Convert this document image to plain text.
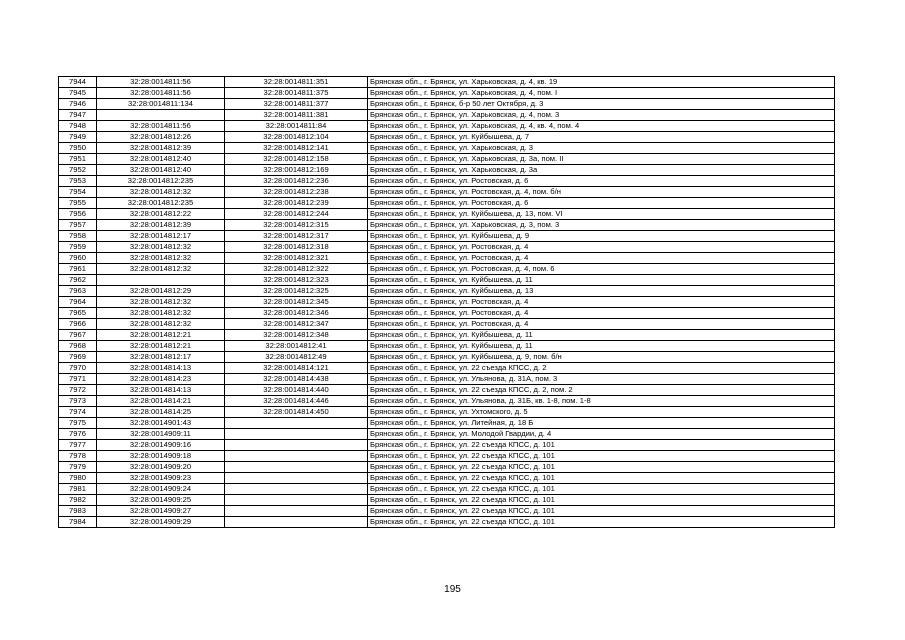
7944	32:28:0014811:56	32:28:0014811:351	Брянская обл., г. Брянск, ул. Харьковская, д. 4, кв. 19
7945	32:28:0014811:56	32:28:0014811:375	Брянская обл., г. Брянск, ул. Харьковская, д. 4, пом. I
7946	32:28:0014811:134	32:28:0014811:377	Брянская обл., г. Брянск, б-р 50 лет Октября, д. 3
7947		32:28:0014811:381	Брянская обл., г. Брянск, ул. Харьковская, д. 4, пом. 3
7948	32:28:0014811:56	32:28:0014811:84	Брянская обл., г. Брянск, ул. Харьковская, д. 4, кв. 4, пом. 4
7949	32:28:0014812:26	32:28:0014812:104	Брянская обл., г. Брянск, ул. Куйбышева, д. 7
7950	32:28:0014812:39	32:28:0014812:141	Брянская обл., г. Брянск, ул. Харьковская, д. 3
7951	32:28:0014812:40	32:28:0014812:158	Брянская обл., г. Брянск, ул. Харьковская, д. 3а, пом. II
7952	32:28:0014812:40	32:28:0014812:169	Брянская обл., г. Брянск, ул. Харьковская, д. 3а
7953	32:28:0014812:235	32:28:0014812:236	Брянская обл., г. Брянск, ул. Ростовская, д. 6
7954	32:28:0014812:32	32:28:0014812:238	Брянская обл., г. Брянск, ул. Ростовская, д. 4, пом. б/н
7955	32:28:0014812:235	32:28:0014812:239	Брянская обл., г. Брянск, ул. Ростовская, д. 6
7956	32:28:0014812:22	32:28:0014812:244	Брянская обл., г. Брянск, ул. Куйбышева, д. 13, пом. VI
7957	32:28:0014812:39	32:28:0014812:315	Брянская обл., г. Брянск, ул. Харьковская, д. 3, пом. 3
7958	32:28:0014812:17	32:28:0014812:317	Брянская обл., г. Брянск, ул. Куйбышева, д. 9
7959	32:28:0014812:32	32:28:0014812:318	Брянская обл., г. Брянск, ул. Ростовская, д. 4
7960	32:28:0014812:32	32:28:0014812:321	Брянская обл., г. Брянск, ул. Ростовская, д. 4
7961	32:28:0014812:32	32:28:0014812:322	Брянская обл., г. Брянск, ул. Ростовская, д. 4, пом. 6
7962		32:28:0014812:323	Брянская обл., г. Брянск, ул. Куйбышева, д. 11
7963	32:28:0014812:29	32:28:0014812:325	Брянская обл., г. Брянск, ул. Куйбышева, д. 13
7964	32:28:0014812:32	32:28:0014812:345	Брянская обл., г. Брянск, ул. Ростовская, д. 4
7965	32:28:0014812:32	32:28:0014812:346	Брянская обл., г. Брянск, ул. Ростовская, д. 4
7966	32:28:0014812:32	32:28:0014812:347	Брянская обл., г. Брянск, ул. Ростовская, д. 4
7967	32:28:0014812:21	32:28:0014812:348	Брянская обл., г. Брянск, ул. Куйбышева, д. 11
7968	32:28:0014812:21	32:28:0014812:41	Брянская обл., г. Брянск, ул. Куйбышева, д. 11
7969	32:28:0014812:17	32:28:0014812:49	Брянская обл., г. Брянск, ул. Куйбышева, д. 9, пом. б/н
7970	32:28:0014814:13	32:28:0014814:121	Брянская обл., г. Брянск, ул. 22 съезда КПСС, д. 2
7971	32:28:0014814:23	32:28:0014814:438	Брянская обл., г. Брянск, ул. Ульянова, д. 31А, пом. 3
7972	32:28:0014814:13	32:28:0014814:440	Брянская обл., г. Брянск, ул. 22 съезда КПСС, д. 2, пом. 2
7973	32:28:0014814:21	32:28:0014814:446	Брянская обл., г. Брянск, ул. Ульянова, д. 31Б, кв. 1-8, пом. 1-8
7974	32:28:0014814:25	32:28:0014814:450	Брянская обл., г. Брянск, ул. Ухтомского, д. 5
7975	32:28:0014901:43		Брянская обл., г. Брянск, ул. Литейная, д. 18 Б
7976	32:28:0014909:11		Брянская обл., г. Брянск, ул. Молодой Гвардии, д. 4
7977	32:28:0014909:16		Брянская обл., г. Брянск, ул. 22 съезда КПСС, д. 101
7978	32:28:0014909:18		Брянская обл., г. Брянск, ул. 22 съезда КПСС, д. 101
7979	32:28:0014909:20		Брянская обл., г. Брянск, ул. 22 съезда КПСС, д. 101
7980	32:28:0014909:23		Брянская обл., г. Брянск, ул. 22 съезда КПСС, д. 101
7981	32:28:0014909:24		Брянская обл., г. Брянск, ул. 22 съезда КПСС, д. 101
7982	32:28:0014909:25		Брянская обл., г. Брянск, ул. 22 съезда КПСС, д. 101
7983	32:28:0014909:27		Брянская обл., г. Брянск, ул. 22 съезда КПСС, д. 101
7984	32:28:0014909:29		Брянская обл., г. Брянск, ул. 22 съезда КПСС, д. 101
195
